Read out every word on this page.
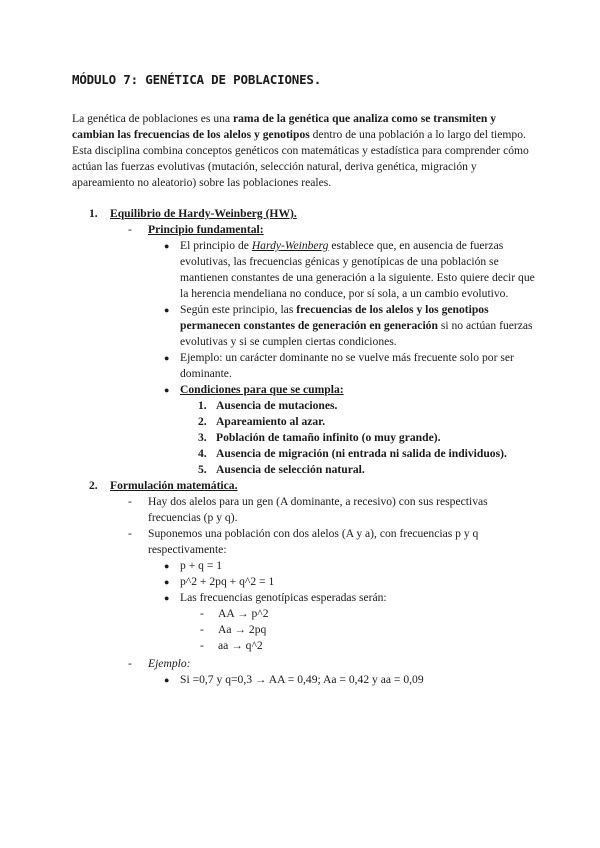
MÓDULO 7: GENÉTICA DE POBLACIONES.

La genética de poblaciones es una rama de la genética que analiza como se transmiten y cambian las frecuencias de los alelos y genotipos dentro de una población a lo largo del tiempo. Esta disciplina combina conceptos genéticos con matemáticas y estadística para comprender cómo actúan las fuerzas evolutivas (mutación, selección natural, deriva genética, migración y apareamiento no aleatorio) sobre las poblaciones reales.

1.	Equilibrio de Hardy-Weinberg (HW).
-	Principio fundamental:
● El principio de Hardy-Weinberg establece que, en ausencia de fuerzas evolutivas, las frecuencias génicas y genotípicas de una población se mantienen constantes de una generación a la siguiente. Esto quiere decir que la herencia mendeliana no conduce, por sí sola, a un cambio evolutivo.
● Según este principio, las frecuencias de los alelos y los genotipos permanecen constantes de generación en generación si no actúan fuerzas evolutivas y si se cumplen ciertas condiciones.
● Ejemplo: un carácter dominante no se vuelve más frecuente solo por ser dominante.
● Condiciones para que se cumpla:
1. Ausencia de mutaciones.
2. Apareamiento al azar.
3. Población de tamaño infinito (o muy grande).
4. Ausencia de migración (ni entrada ni salida de individuos).
5. Ausencia de selección natural.
2.	Formulación matemática.
-	Hay dos alelos para un gen (A dominante, a recesivo) con sus respectivas frecuencias (p y q).
-	Suponemos una población con dos alelos (A y a), con frecuencias p y q respectivamente:
● p + q = 1
● p^2 + 2pq + q^2 = 1
● Las frecuencias genotípicas esperadas serán:
-	AA → p^2
-	Aa → 2pq
-	aa → q^2
-	Ejemplo:
● Si =0,7 y q=0,3 → AA = 0,49; Aa = 0,42 y aa = 0,09
